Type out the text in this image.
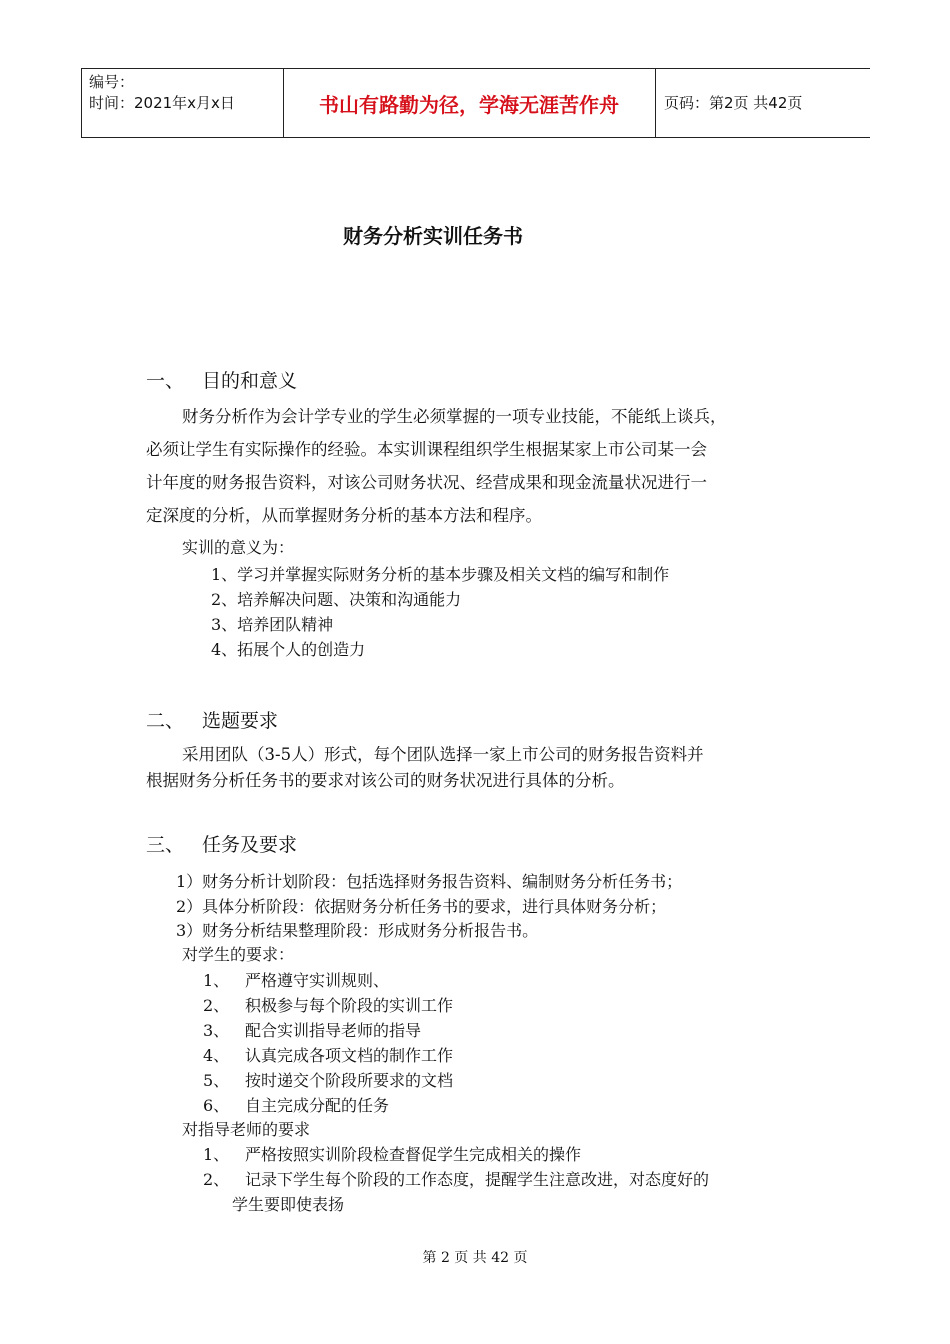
编号：
时间：2021年x月x日	书山有路勤为径，学海无涯苦作舟	页码：第2页 共42页
财务分析实训任务书
一、 目的和意义
财务分析作为会计学专业的学生必须掌握的一项专业技能，不能纸上谈兵，
必须让学生有实际操作的经验。本实训课程组织学生根据某家上市公司某一会
计年度的财务报告资料，对该公司财务状况、经营成果和现金流量状况进行一
定深度的分析，从而掌握财务分析的基本方法和程序。
实训的意义为：
1、学习并掌握实际财务分析的基本步骤及相关文档的编写和制作
2、培养解决问题、决策和沟通能力
3、培养团队精神
4、拓展个人的创造力
二、 选题要求
采用团队（3-5人）形式，每个团队选择一家上市公司的财务报告资料并
根据财务分析任务书的要求对该公司的财务状况进行具体的分析。
三、 任务及要求
1）财务分析计划阶段：包括选择财务报告资料、编制财务分析任务书；
2）具体分析阶段：依据财务分析任务书的要求，进行具体财务分析；
3）财务分析结果整理阶段：形成财务分析报告书。
对学生的要求：
1、 严格遵守实训规则、
2、 积极参与每个阶段的实训工作
3、 配合实训指导老师的指导
4、 认真完成各项文档的制作工作
5、 按时递交个阶段所要求的文档
6、 自主完成分配的任务
对指导老师的要求
1、 严格按照实训阶段检查督促学生完成相关的操作
2、 记录下学生每个阶段的工作态度，提醒学生注意改进，对态度好的
学生要即使表扬
第 2 页 共 42 页
